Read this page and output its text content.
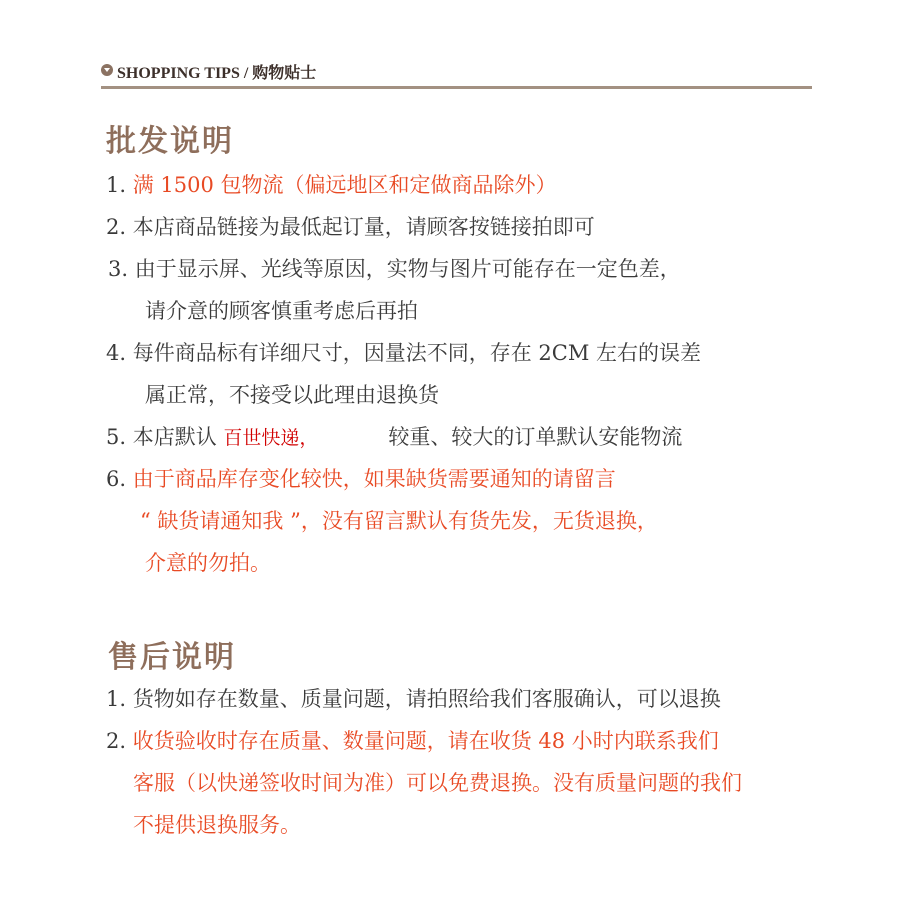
SHOPPING TIPS / 购物贴士
批发说明
1. 满 1500 包物流（偏远地区和定做商品除外）
2. 本店商品链接为最低起订量，请顾客按链接拍即可
3. 由于显示屏、光线等原因，实物与图片可能存在一定色差，
请介意的顾客慎重考虑后再拍
4. 每件商品标有详细尺寸，因量法不同，存在 2CM 左右的误差
属正常，不接受以此理由退换货
5. 本店默认 百世快递，	较重、较大的订单默认安能物流
6. 由于商品库存变化较快，如果缺货需要通知的请留言
“ 缺货请通知我 ”，没有留言默认有货先发，无货退换，
介意的勿拍。
售后说明
1. 货物如存在数量、质量问题，请拍照给我们客服确认，可以退换
2. 收货验收时存在质量、数量问题，请在收货 48 小时内联系我们
客服（以快递签收时间为准）可以免费退换。没有质量问题的我们
不提供退换服务。
